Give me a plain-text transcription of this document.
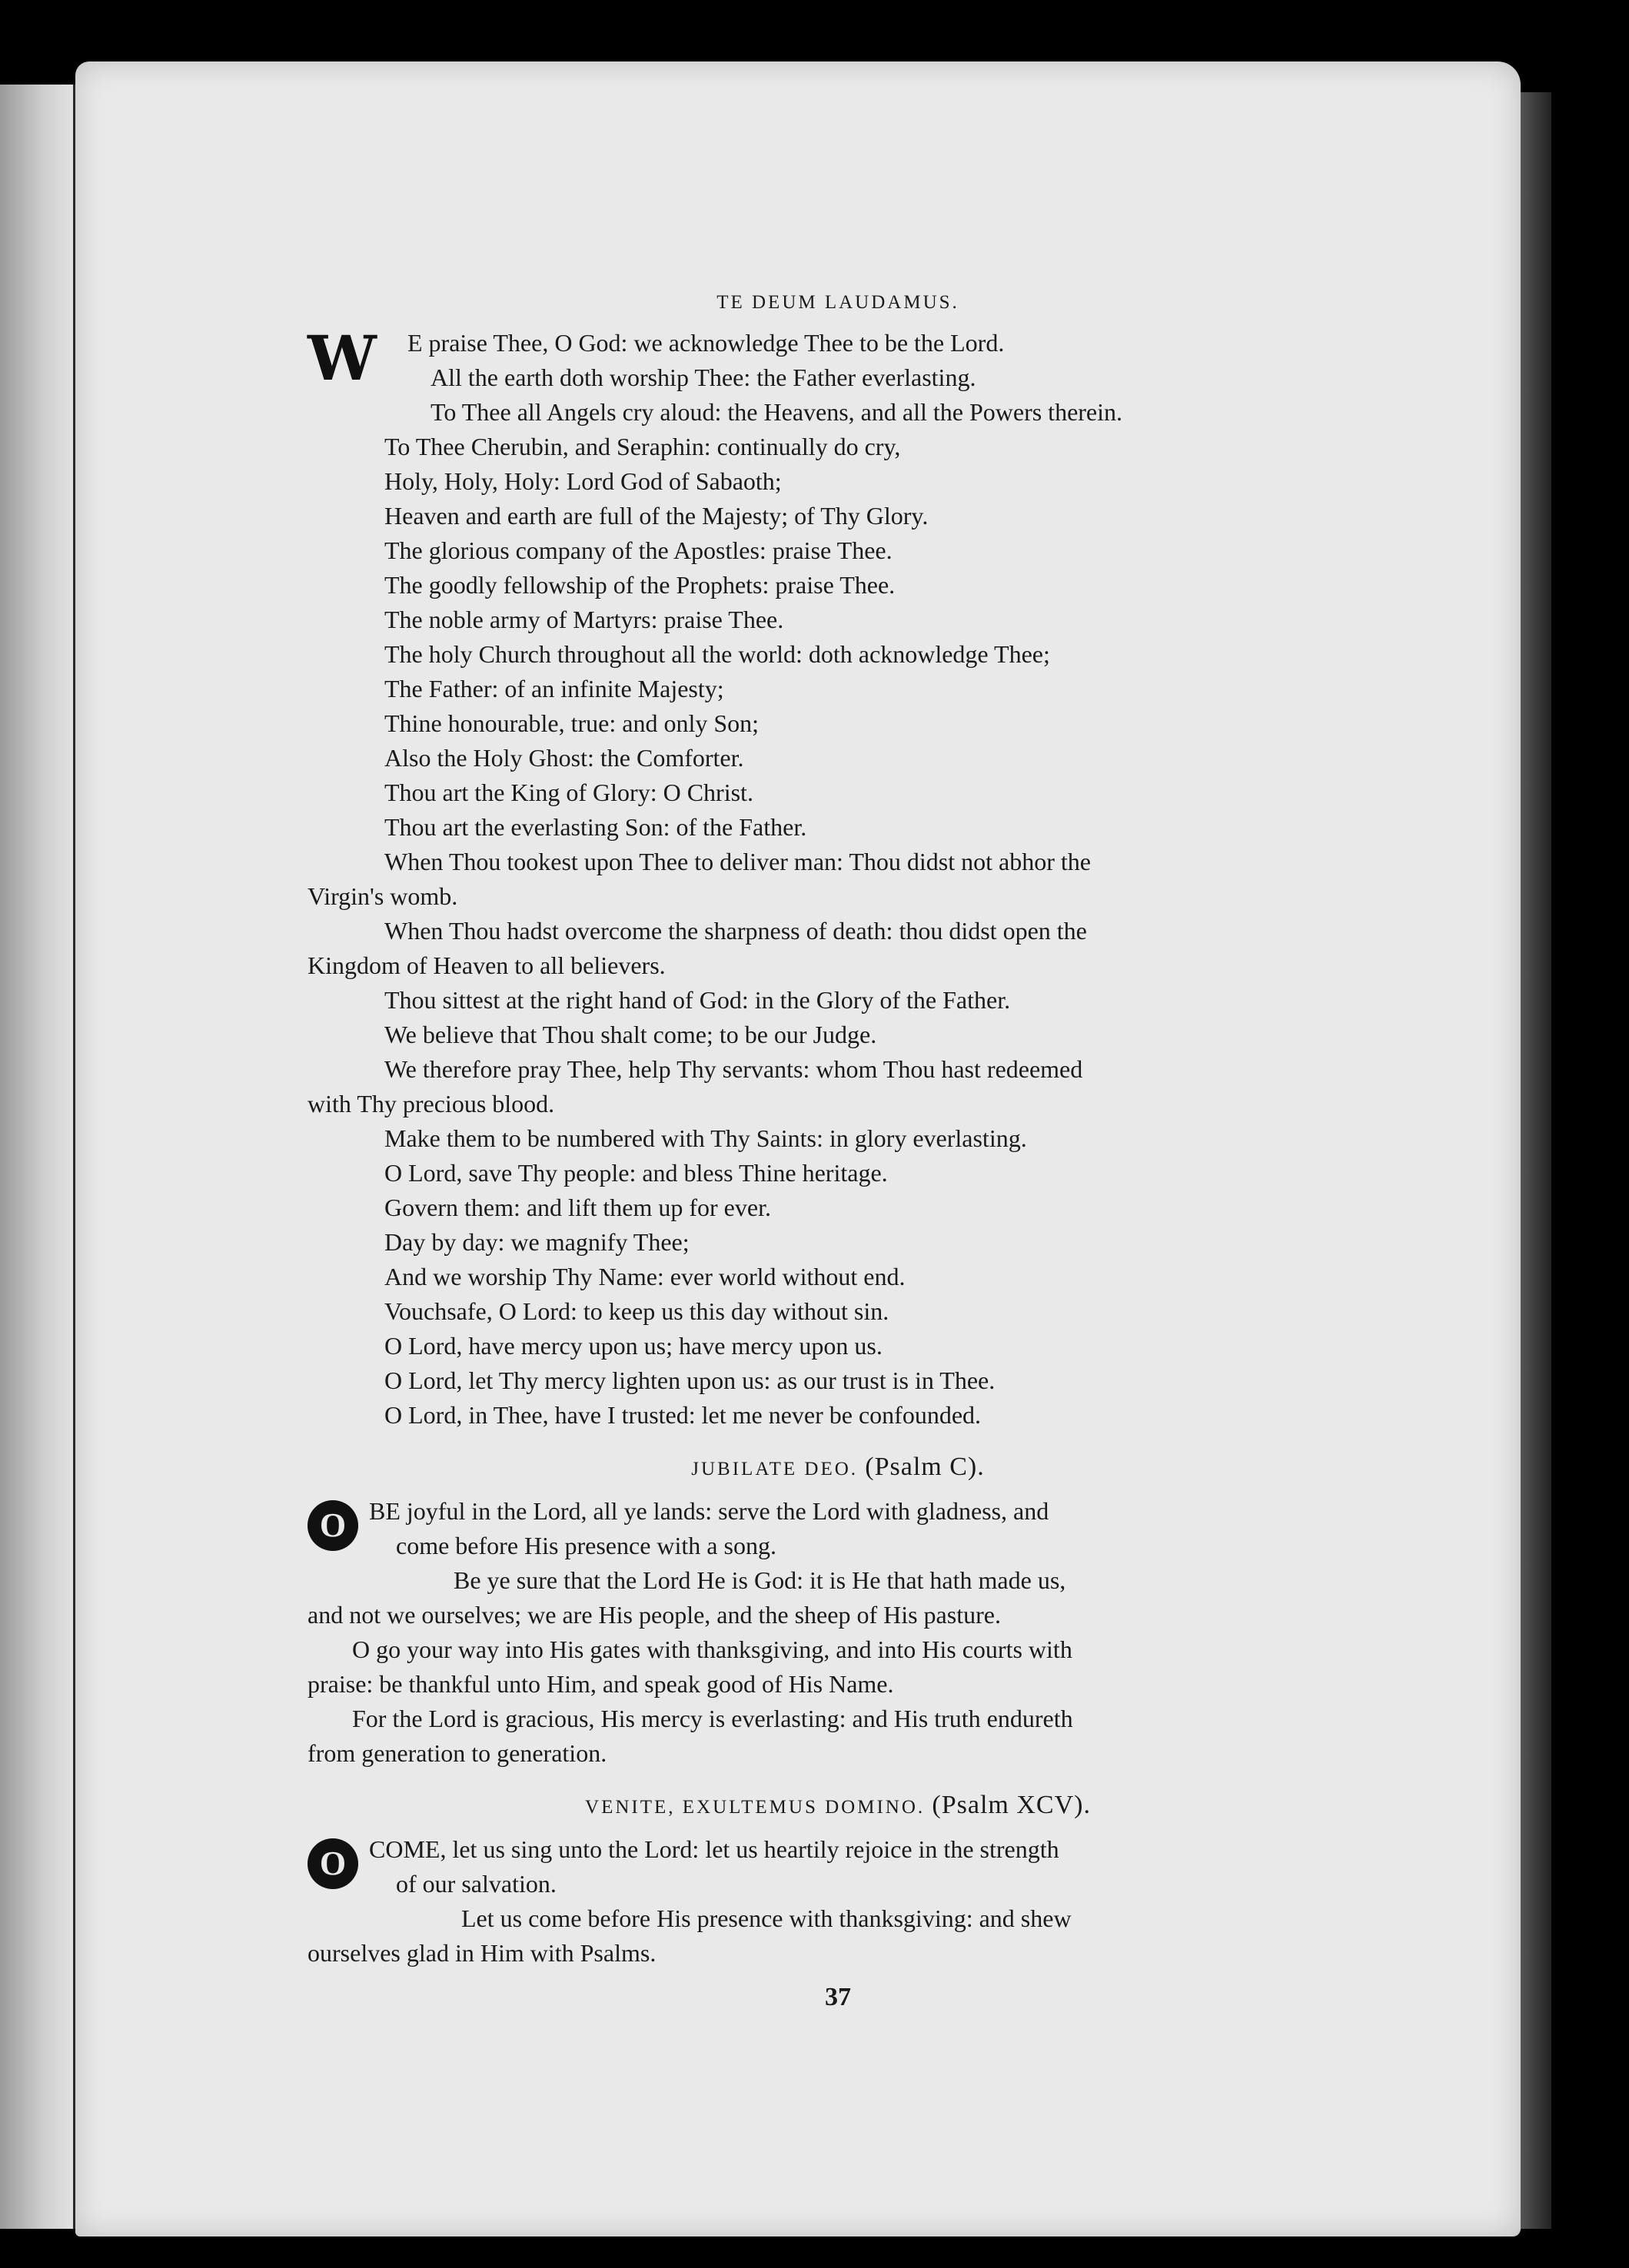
TE DEUM LAUDAMUS.

W E praise Thee, O God: we acknowledge Thee to be the Lord.

All the earth doth worship Thee: the Father everlasting.

To Thee all Angels cry aloud: the Heavens, and all the Powers therein.

To Thee Cherubin, and Seraphin: continually do cry,

Holy, Holy, Holy: Lord God of Sabaoth;

Heaven and earth are full of the Majesty; of Thy Glory.

The glorious company of the Apostles: praise Thee.

The goodly fellowship of the Prophets: praise Thee.

The noble army of Martyrs: praise Thee.

The holy Church throughout all the world: doth acknowledge Thee;

The Father: of an infinite Majesty;

Thine honourable, true: and only Son;

Also the Holy Ghost: the Comforter.

Thou art the King of Glory: O Christ.

Thou art the everlasting Son: of the Father.

When Thou tookest upon Thee to deliver man: Thou didst not abhor the

Virgin's womb.

When Thou hadst overcome the sharpness of death: thou didst open the

Kingdom of Heaven to all believers.

Thou sittest at the right hand of God: in the Glory of the Father.

We believe that Thou shalt come; to be our Judge.

We therefore pray Thee, help Thy servants: whom Thou hast redeemed

with Thy precious blood.

Make them to be numbered with Thy Saints: in glory everlasting.

O Lord, save Thy people: and bless Thine heritage.

Govern them: and lift them up for ever.

Day by day: we magnify Thee;

And we worship Thy Name: ever world without end.

Vouchsafe, O Lord: to keep us this day without sin.

O Lord, have mercy upon us; have mercy upon us.

O Lord, let Thy mercy lighten upon us: as our trust is in Thee.

O Lord, in Thee, have I trusted: let me never be confounded.

JUBILATE DEO. (Psalm C).

O BE joyful in the Lord, all ye lands: serve the Lord with gladness, and

come before His presence with a song.

Be ye sure that the Lord He is God: it is He that hath made us,

and not we ourselves; we are His people, and the sheep of His pasture.

O go your way into His gates with thanksgiving, and into His courts with

praise: be thankful unto Him, and speak good of His Name.

For the Lord is gracious, His mercy is everlasting: and His truth endureth

from generation to generation.

VENITE, EXULTEMUS DOMINO. (Psalm XCV).

O COME, let us sing unto the Lord: let us heartily rejoice in the strength

of our salvation.

Let us come before His presence with thanksgiving: and shew

ourselves glad in Him with Psalms.

37
